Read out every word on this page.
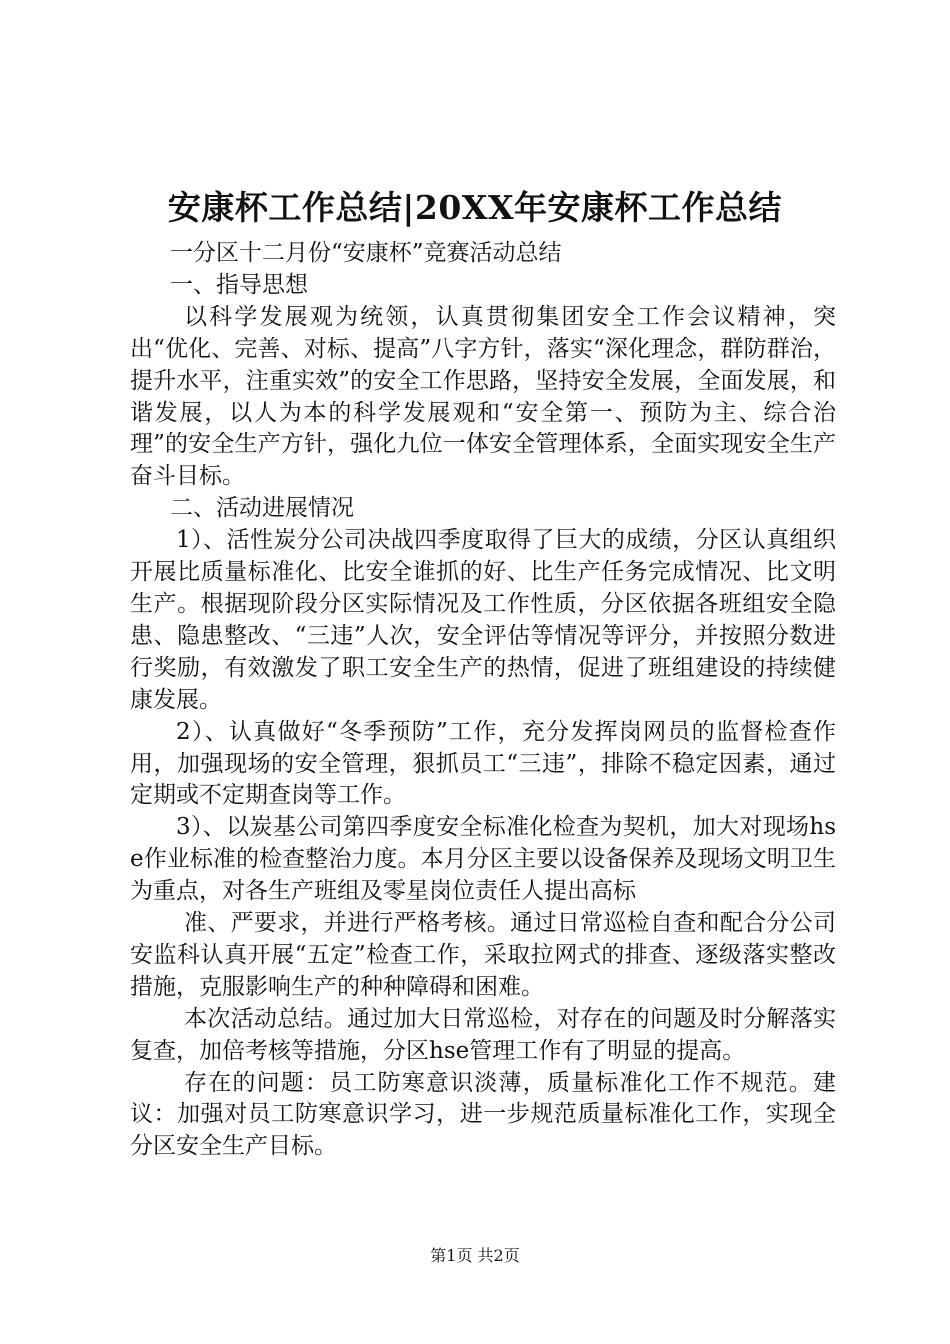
安康杯工作总结|20XX年安康杯工作总结

一分区十二月份“安康杯”竞赛活动总结

一、指导思想

以科学发展观为统领，认真贯彻集团安全工作会议精神，突出“优化、完善、对标、提高”八字方针，落实“深化理念，群防群治，提升水平，注重实效”的安全工作思路，坚持安全发展，全面发展，和谐发展，以人为本的科学发展观和“安全第一、预防为主、综合治理”的安全生产方针，强化九位一体安全管理体系，全面实现安全生产奋斗目标。

二、活动进展情况

1）、活性炭分公司决战四季度取得了巨大的成绩，分区认真组织开展比质量标准化、比安全谁抓的好、比生产任务完成情况、比文明生产。根据现阶段分区实际情况及工作性质，分区依据各班组安全隐患、隐患整改、“三违”人次，安全评估等情况等评分，并按照分数进行奖励，有效激发了职工安全生产的热情，促进了班组建设的持续健康发展。

2）、认真做好“冬季预防”工作，充分发挥岗网员的监督检查作用，加强现场的安全管理，狠抓员工“三违”，排除不稳定因素，通过定期或不定期查岗等工作。

3）、以炭基公司第四季度安全标准化检查为契机，加大对现场hse作业标准的检查整治力度。本月分区主要以设备保养及现场文明卫生为重点，对各生产班组及零星岗位责任人提出高标

准、严要求，并进行严格考核。通过日常巡检自查和配合分公司安监科认真开展“五定”检查工作，采取拉网式的排查、逐级落实整改措施，克服影响生产的种种障碍和困难。

本次活动总结。通过加大日常巡检，对存在的问题及时分解落实复查，加倍考核等措施，分区hse管理工作有了明显的提高。

存在的问题：员工防寒意识淡薄，质量标准化工作不规范。建议：加强对员工防寒意识学习，进一步规范质量标准化工作，实现全分区安全生产目标。

第1页 共2页
